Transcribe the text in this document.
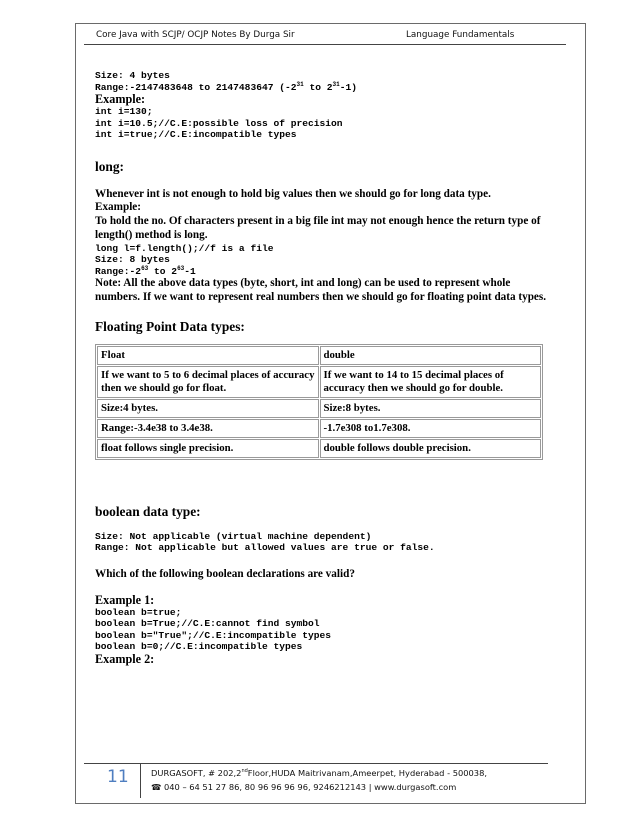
Core Java with SCJP/ OCJP Notes By Durga Sir	Language Fundamentals
Size: 4 bytes
Range:-2147483648 to 2147483647 ($-2^{31}$ to $2^{31}-1$)
Example:
int i=130;
int i=10.5;//C.E:possible loss of precision
int i=true;//C.E:incompatible types
long:

Whenever int is not enough to hold big values then we should go for long data type.

Example:

To hold the no. Of characters present in a big file int may not enough hence the return type of length() method is long.

long l=f.length();//f is a file
Size: 8 bytes
$Range:-2^{63}$ to $2^{63}-1$

Note: All the above data types (byte, short, int and long) can be used to represent whole numbers. If we want to represent real numbers then we should go for floating point data types.

Floating Point Data types:
Float	double
If we want to 5 to 6 decimal places of accuracy then we should go for float.	If we want to 14 to 15 decimal places of accuracy then we should go for double.
Size:4 bytes.	Size:8 bytes.
Range:-3.4e38 to 3.4e38.	-1.7e308 to1.7e308.
float follows single precision.	double follows double precision.
boolean data type:
Size: Not applicable (virtual machine dependent)
Range: Not applicable but allowed values are true or false.
Which of the following boolean declarations are valid?
Example 1:
boolean b=true;
boolean b=True;//C.E:cannot find symbol
boolean b="True";//C.E:incompatible types
boolean b=0;//C.E:incompatible types
Example 2:
11	DURGASOFT, # 202,2ndFloor,HUDA Maitrivanam,Ameerpet, Hyderabad - 500038,
☎ 040 – 64 51 27 86, 80 96 96 96 96, 9246212143 | www.durgasoft.com
